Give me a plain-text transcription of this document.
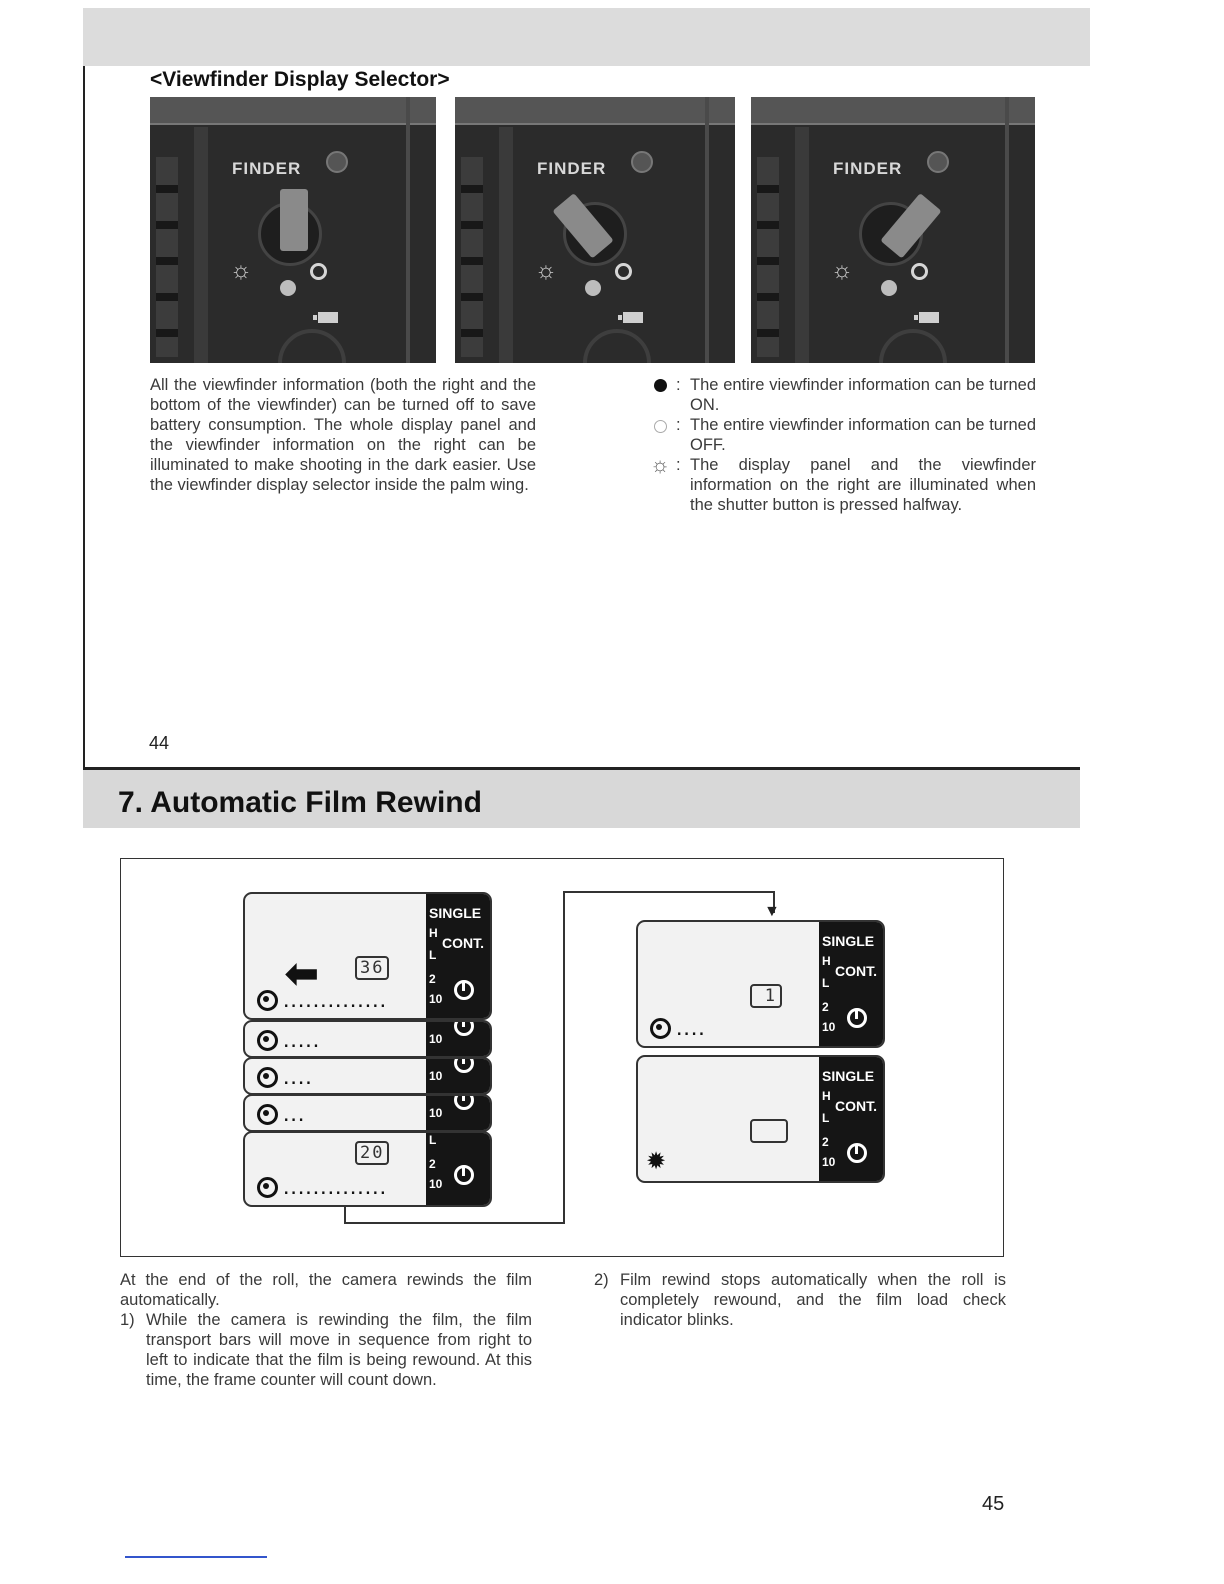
<Viewfinder Display Selector>
FINDER
☼
FINDER
☼
FINDER
☼
All the viewfinder information (both the right and the bottom of the viewfinder) can be turned off to save battery consumption. The whole display panel and the viewfinder information on the right can be illuminated to make shooting in the dark easier. Use the viewfinder display selector inside the palm wing.
: The entire viewfinder information can be turned ON.
: The entire viewfinder information can be turned OFF.
☼ : The display panel and the viewfinder information on the right are illuminated when the shutter button is pressed halfway.
44
7. Automatic Film Rewind
▼
SINGLE
H
CONT.
L
2
10
⬅ 36
..............
10
.....
10
....
10
...
L
2
10
20
..............
SINGLE
H
CONT.
L
2
10
1
....
SINGLE
H
CONT.
L
2
10
✹
At the end of the roll, the camera rewinds the film automatically.
1) While the camera is rewinding the film, the film transport bars will move in sequence from right to left to indicate that the film is being rewound. At this time, the frame counter will count down.
2) Film rewind stops automatically when the roll is completely rewound, and the film load check indicator blinks.
45
